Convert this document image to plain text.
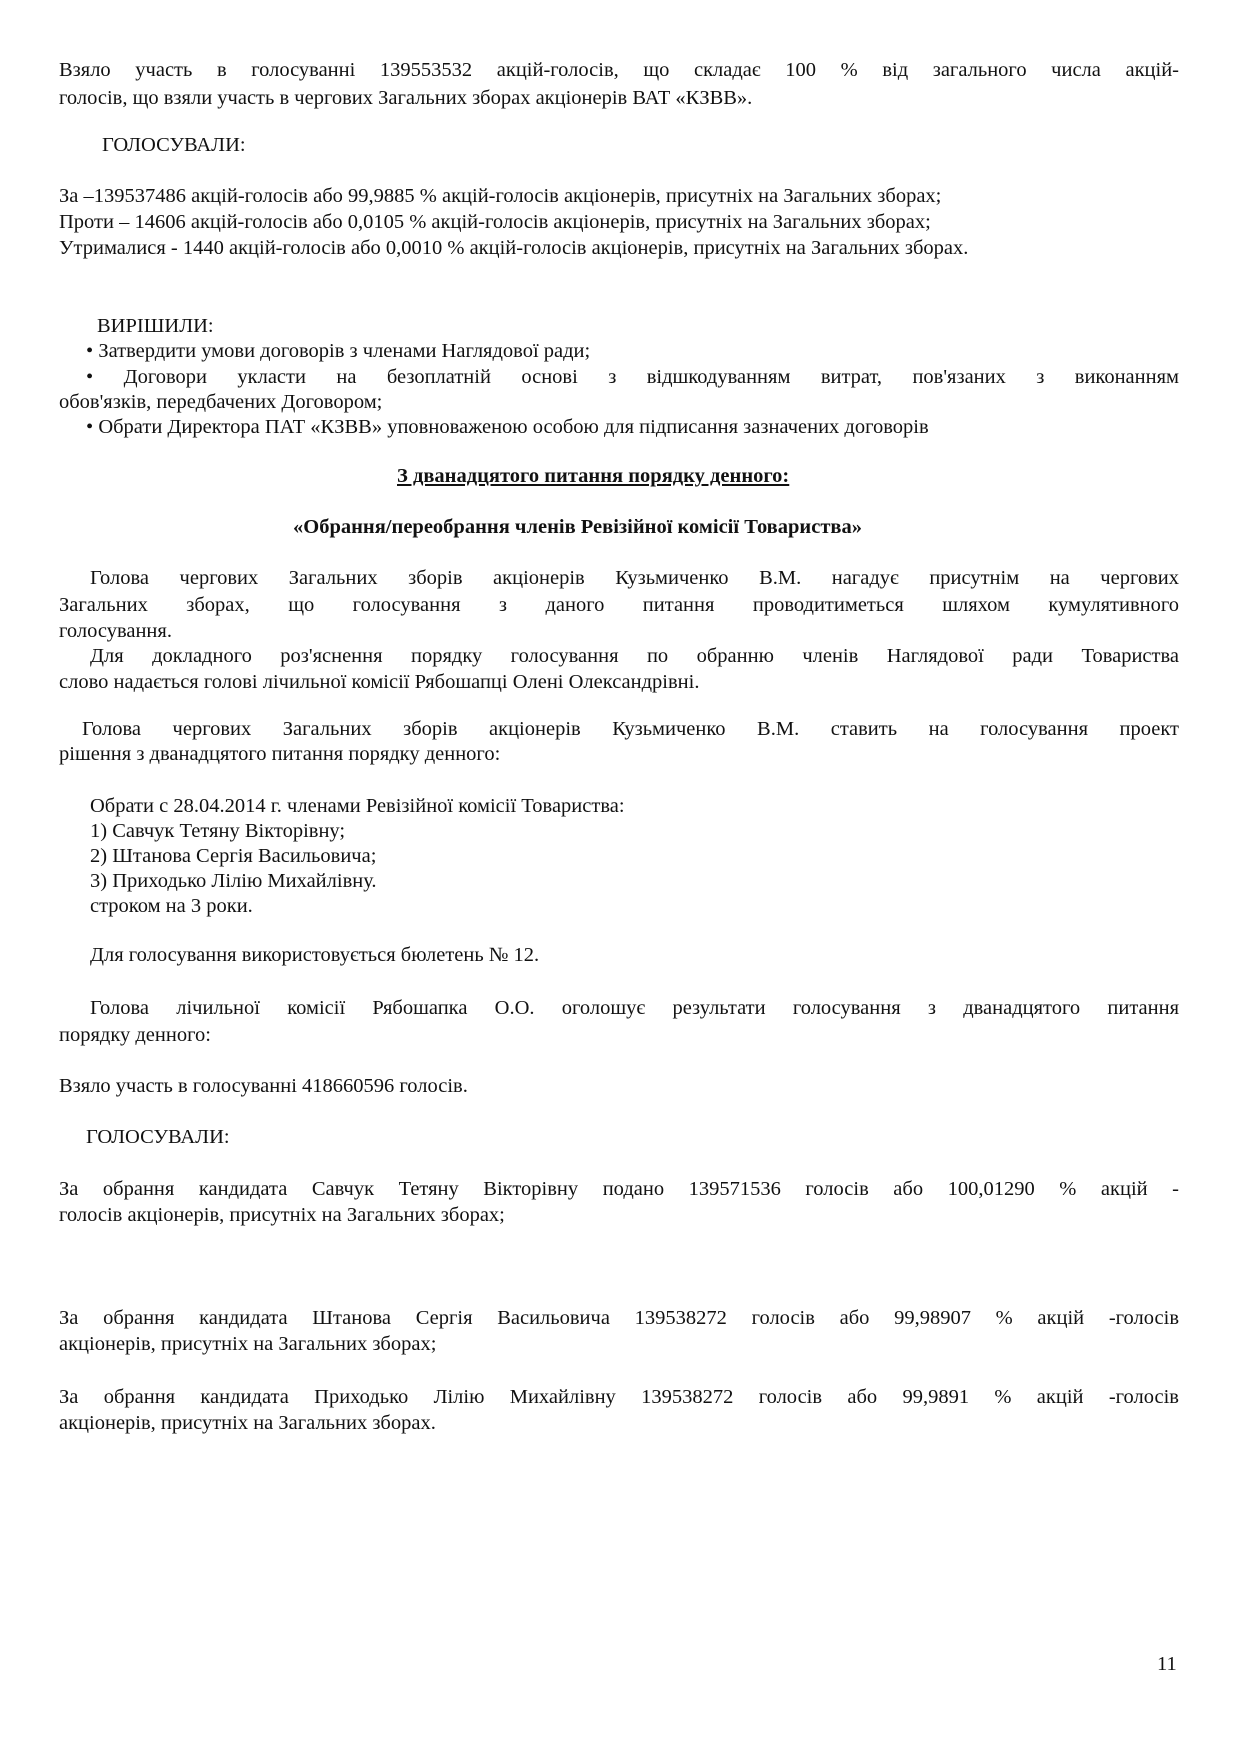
Взяло участь в голосуванні 139553532 акцій-голосів, що складає 100 % від загального числа акцій-
голосів, що взяли участь в чергових Загальних зборах акціонерів ВАТ «КЗВВ».
ГОЛОСУВАЛИ:
За –139537486 акцій-голосів або 99,9885 % акцій-голосів акціонерів, присутніх на Загальних зборах;
Проти – 14606 акцій-голосів або 0,0105 % акцій-голосів акціонерів, присутніх на Загальних зборах;
Утрималися - 1440 акцій-голосів або 0,0010 % акцій-голосів акціонерів, присутніх на Загальних зборах.
ВИРІШИЛИ:
• Затвердити умови договорів з членами Наглядової ради;
• Договори укласти на безоплатній основі з відшкодуванням витрат, пов'язаних з виконанням
обов'язків, передбачених Договором;
• Обрати Директора ПАТ «КЗВВ» уповноваженою особою для підписання зазначених договорів
З дванадцятого питання порядку денного:
«Обрання/переобрання членів Ревізійної комісії Товариства»
Голова чергових Загальних зборів акціонерів Кузьмиченко В.М. нагадує присутнім на чергових
Загальних зборах, що голосування з даного питання проводитиметься шляхом кумулятивного
голосування.
Для докладного роз'яснення порядку голосування по обранню членів Наглядової ради Товариства
слово надається голові лічильної комісії Рябошапці Олені Олександрівні.
Голова чергових Загальних зборів акціонерів Кузьмиченко В.М. ставить на голосування проект
рішення з дванадцятого питання порядку денного:
Обрати с 28.04.2014 г. членами Ревізійної комісії Товариства:
1) Савчук Тетяну Вікторівну;
2) Штанова Сергія Васильовича;
3) Приходько Лілію Михайлівну.
строком на 3 роки.
Для голосування використовується бюлетень № 12.
Голова лічильної комісії Рябошапка О.О. оголошує результати голосування з дванадцятого питання
порядку денного:
Взяло участь в голосуванні 418660596 голосів.
ГОЛОСУВАЛИ:
За обрання кандидата Савчук Тетяну Вікторівну подано 139571536 голосів або 100,01290 % акцій -
голосів акціонерів, присутніх на Загальних зборах;
За обрання кандидата Штанова Сергія Васильовича 139538272 голосів або 99,98907 % акцій -голосів
акціонерів, присутніх на Загальних зборах;
За обрання кандидата Приходько Лілію Михайлівну 139538272 голосів або 99,9891 % акцій -голосів
акціонерів, присутніх на Загальних зборах.
11
